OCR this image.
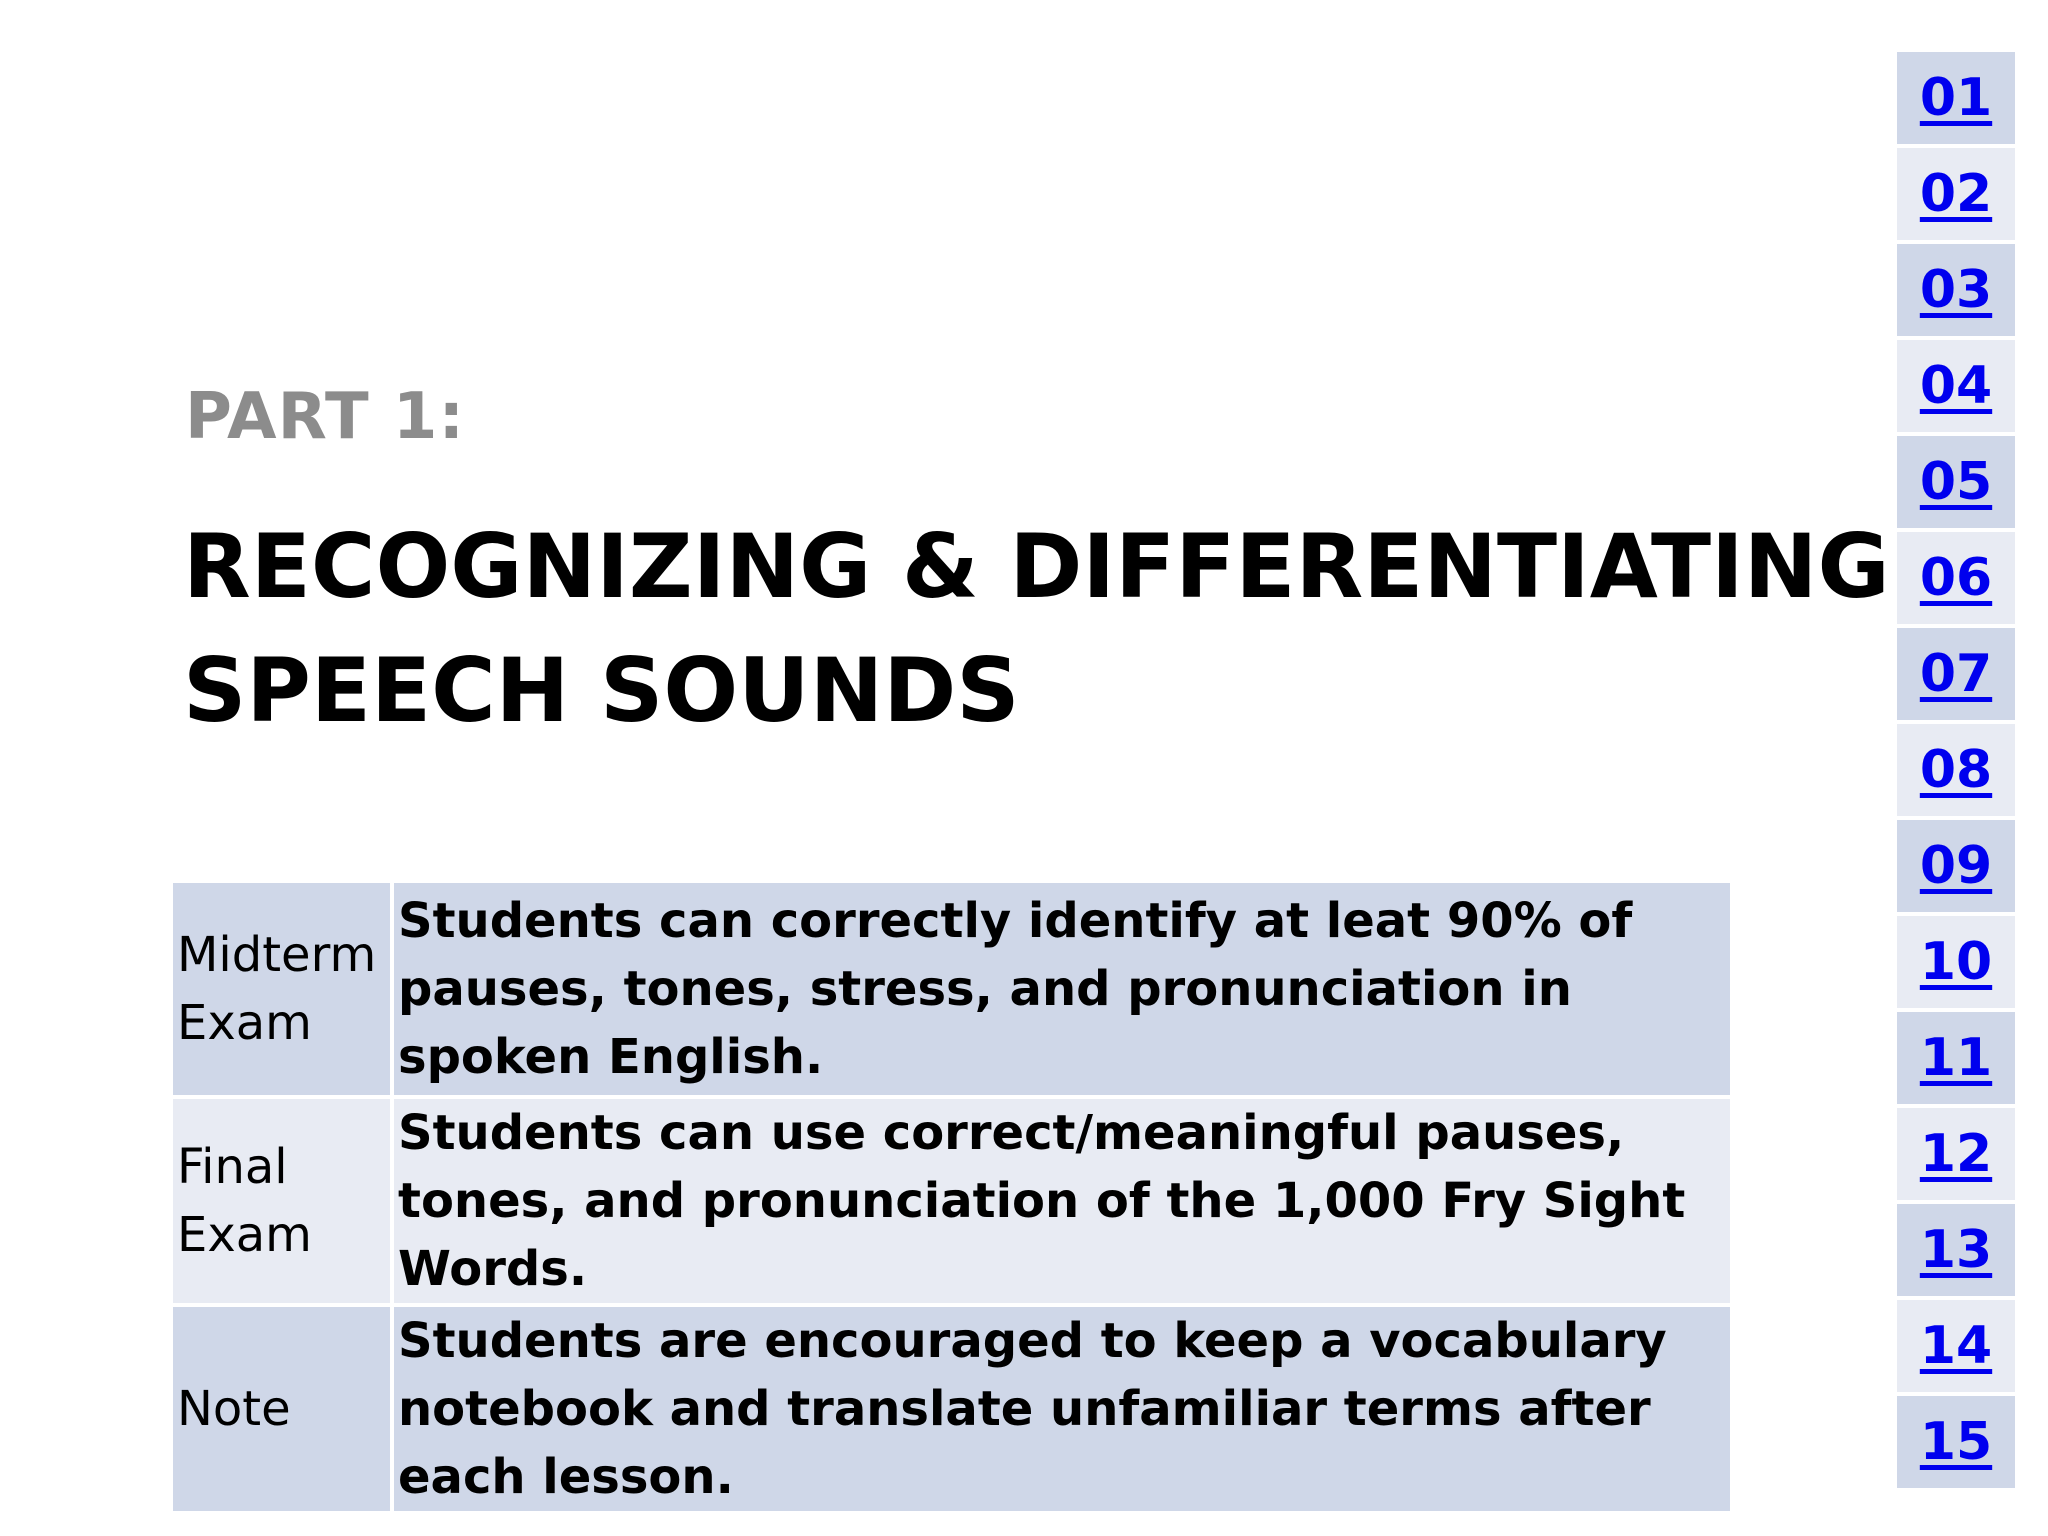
PART 1:
RECOGNIZING & DIFFERENTIATING
SPEECH SOUNDS
Midterm
Exam	Students can correctly identify at leat 90% of pauses, tones, stress, and pronunciation in spoken English.
Final
Exam	Students can use correct/meaningful pauses, tones, and pronunciation of the 1,000 Fry Sight Words.
Note	Students are encouraged to keep a vocabulary notebook and translate unfamiliar terms after each lesson.
01
02
03
04
05
06
07
08
09
10
11
12
13
14
15
